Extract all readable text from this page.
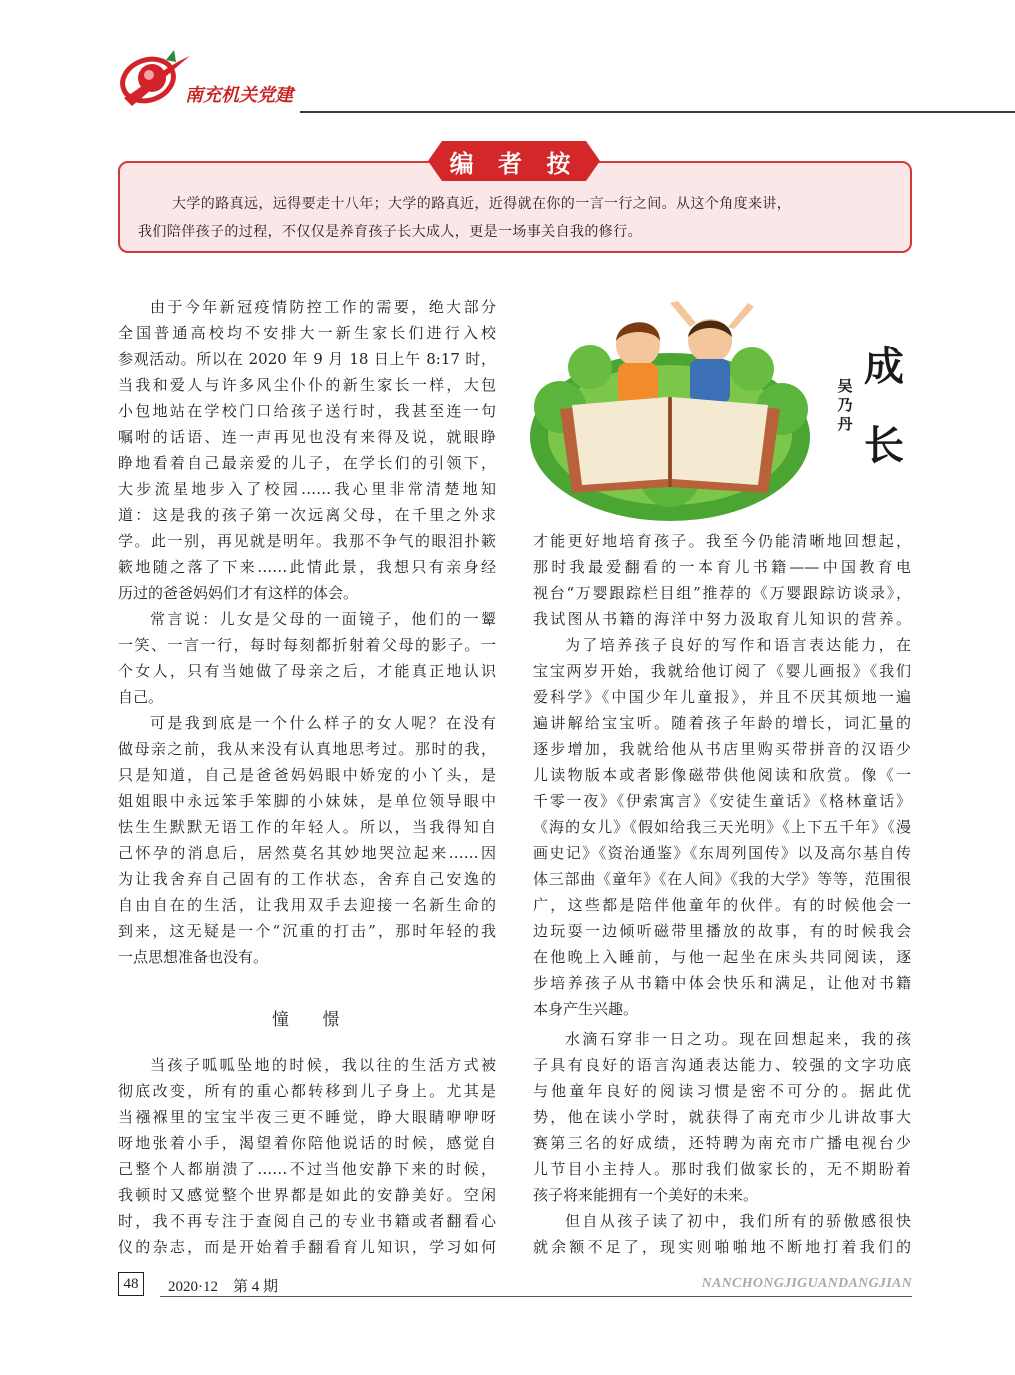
南充机关党建
编 者 按
大学的路真远，远得要走十八年；大学的路真近，近得就在你的一言一行之间。从这个角度来讲，
我们陪伴孩子的过程，不仅仅是养育孩子长大成人，更是一场事关自我的修行。
成
长
吴乃丹
由于今年新冠疫情防控工作的需要，绝大部分
全国普通高校均不安排大一新生家长们进行入校
参观活动。所以在 2020 年 9 月 18 日上午 8:17 时，
当我和爱人与许多风尘仆仆的新生家长一样，大包
小包地站在学校门口给孩子送行时，我甚至连一句
嘱咐的话语、连一声再见也没有来得及说，就眼睁
睁地看着自己最亲爱的儿子，在学长们的引领下，
大步流星地步入了校园……我心里非常清楚地知
道：这是我的孩子第一次远离父母，在千里之外求
学。此一别，再见就是明年。我那不争气的眼泪扑簌
簌地随之落了下来……此情此景，我想只有亲身经
历过的爸爸妈妈们才有这样的体会。
常言说：儿女是父母的一面镜子，他们的一颦
一笑、一言一行，每时每刻都折射着父母的影子。一
个女人，只有当她做了母亲之后，才能真正地认识
自己。
可是我到底是一个什么样子的女人呢？在没有
做母亲之前，我从来没有认真地思考过。那时的我，
只是知道，自己是爸爸妈妈眼中娇宠的小丫头，是
姐姐眼中永远笨手笨脚的小妹妹，是单位领导眼中
怯生生默默无语工作的年轻人。所以，当我得知自
己怀孕的消息后，居然莫名其妙地哭泣起来……因
为让我舍弃自己固有的工作状态，舍弃自己安逸的
自由自在的生活，让我用双手去迎接一名新生命的
到来，这无疑是一个“沉重的打击”，那时年轻的我
一点思想准备也没有。
憧 憬
当孩子呱呱坠地的时候，我以往的生活方式被
彻底改变，所有的重心都转移到儿子身上。尤其是
当襁褓里的宝宝半夜三更不睡觉，睁大眼睛咿咿呀
呀地张着小手，渴望着你陪他说话的时候，感觉自
己整个人都崩溃了……不过当他安静下来的时候，
我顿时又感觉整个世界都是如此的安静美好。空闲
时，我不再专注于查阅自己的专业书籍或者翻看心
仪的杂志，而是开始着手翻看育儿知识，学习如何
才能更好地培育孩子。我至今仍能清晰地回想起，
那时我最爱翻看的一本育儿书籍——中国教育电
视台“万婴跟踪栏目组”推荐的《万婴跟踪访谈录》，
我试图从书籍的海洋中努力汲取育儿知识的营养。
为了培养孩子良好的写作和语言表达能力，在
宝宝两岁开始，我就给他订阅了《婴儿画报》《我们
爱科学》《中国少年儿童报》，并且不厌其烦地一遍
遍讲解给宝宝听。随着孩子年龄的增长，词汇量的
逐步增加，我就给他从书店里购买带拼音的汉语少
儿读物版本或者影像磁带供他阅读和欣赏。像《一
千零一夜》《伊索寓言》《安徒生童话》《格林童话》
《海的女儿》《假如给我三天光明》《上下五千年》《漫
画史记》《资治通鉴》《东周列国传》以及高尔基自传
体三部曲《童年》《在人间》《我的大学》等等，范围很
广，这些都是陪伴他童年的伙伴。有的时候他会一
边玩耍一边倾听磁带里播放的故事，有的时候我会
在他晚上入睡前，与他一起坐在床头共同阅读，逐
步培养孩子从书籍中体会快乐和满足，让他对书籍
本身产生兴趣。
水滴石穿非一日之功。现在回想起来，我的孩
子具有良好的语言沟通表达能力、较强的文字功底
与他童年良好的阅读习惯是密不可分的。据此优
势，他在读小学时，就获得了南充市少儿讲故事大
赛第三名的好成绩，还特聘为南充市广播电视台少
儿节目小主持人。那时我们做家长的，无不期盼着
孩子将来能拥有一个美好的未来。
但自从孩子读了初中，我们所有的骄傲感很快
就余额不足了，现实则啪啪地不断地打着我们的
48	2020·12　第 4 期	NANCHONGJIGUANDANGJIAN
